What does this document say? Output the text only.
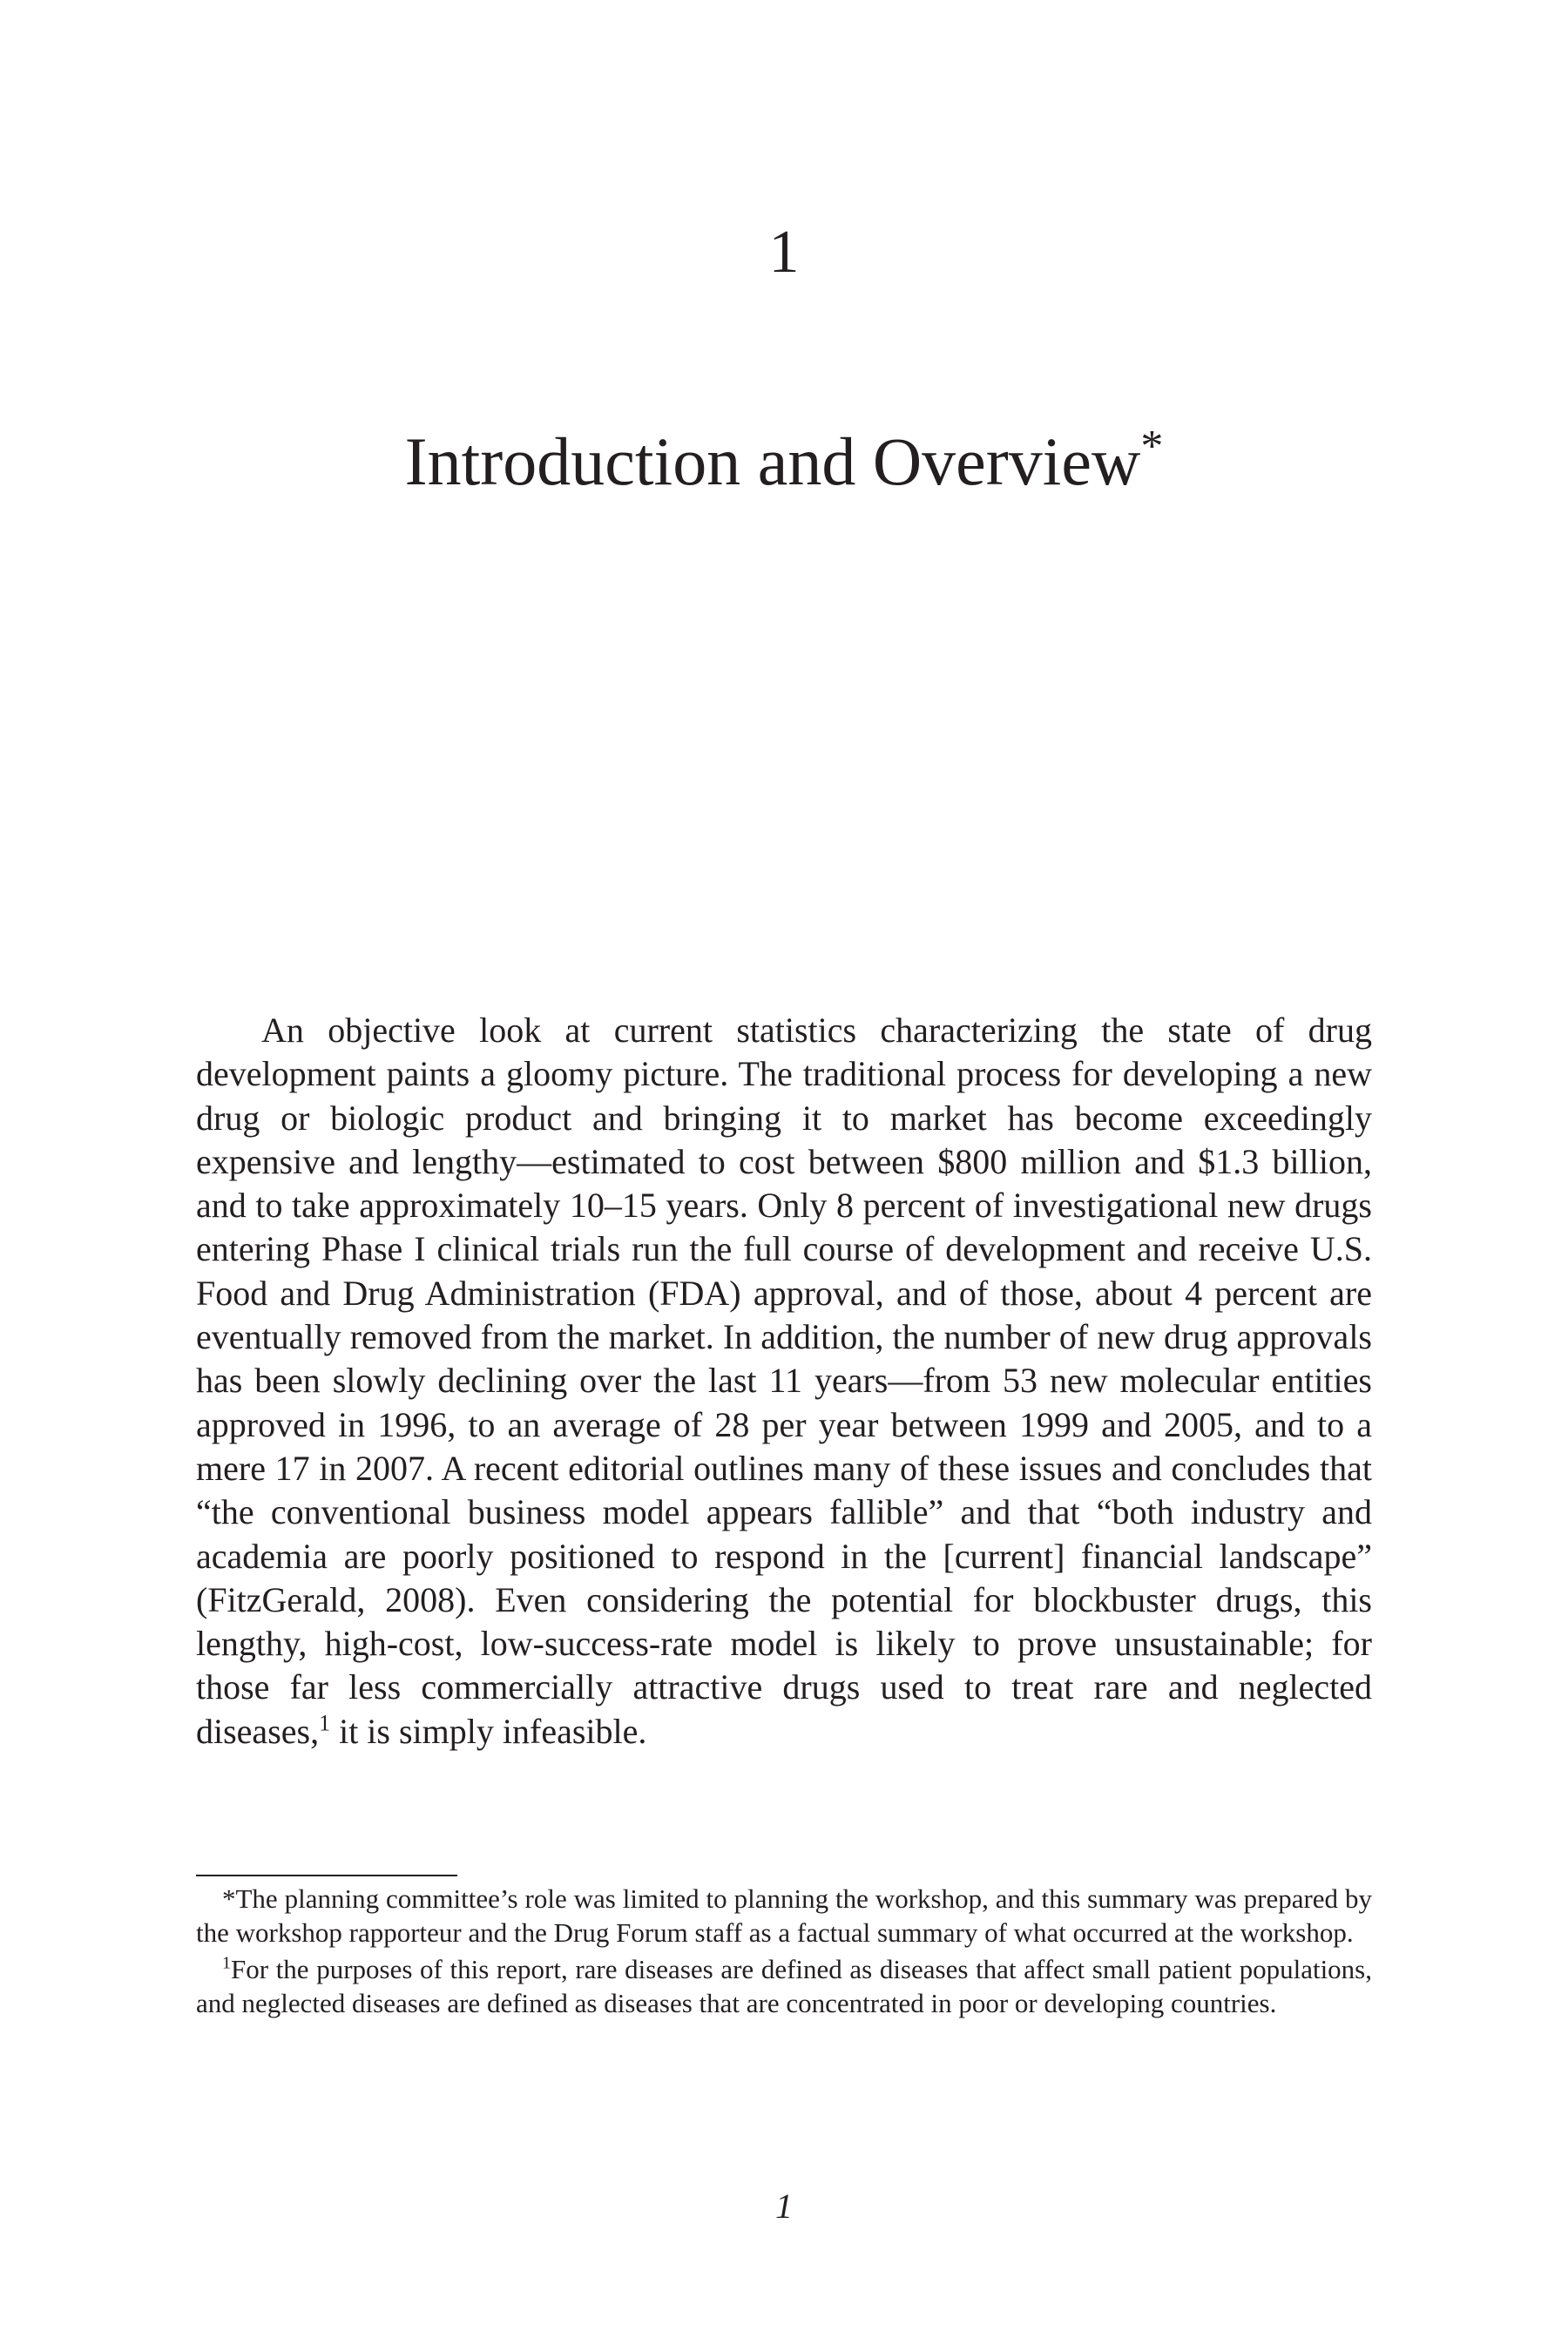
1
Introduction and Overview*

An objective look at current statistics characterizing the state of drug development paints a gloomy picture. The traditional process for developing a new drug or biologic product and bringing it to market has become exceedingly expensive and lengthy—estimated to cost between $800 million and $1.3 billion, and to take approximately 10–15 years. Only 8 percent of investigational new drugs entering Phase I clinical trials run the full course of development and receive U.S. Food and Drug Administration (FDA) approval, and of those, about 4 percent are eventually removed from the market. In addition, the number of new drug approvals has been slowly declining over the last 11 years—from 53 new molecular entities approved in 1996, to an average of 28 per year between 1999 and 2005, and to a mere 17 in 2007. A recent editorial outlines many of these issues and concludes that “the conventional business model appears fallible” and that “both industry and academia are poorly positioned to respond in the [current] financial landscape” (FitzGerald, 2008). Even considering the potential for blockbuster drugs, this lengthy, high-cost, low-success-rate model is likely to prove unsustainable; for those far less commercially attractive drugs used to treat rare and neglected diseases,$^1$ it is simply infeasible.

*The planning committee’s role was limited to planning the workshop, and this summary was prepared by the workshop rapporteur and the Drug Forum staff as a factual summary of what occurred at the workshop.

$^1$For the purposes of this report, rare diseases are defined as diseases that affect small patient populations, and neglected diseases are defined as diseases that are concentrated in poor or developing countries.

1
